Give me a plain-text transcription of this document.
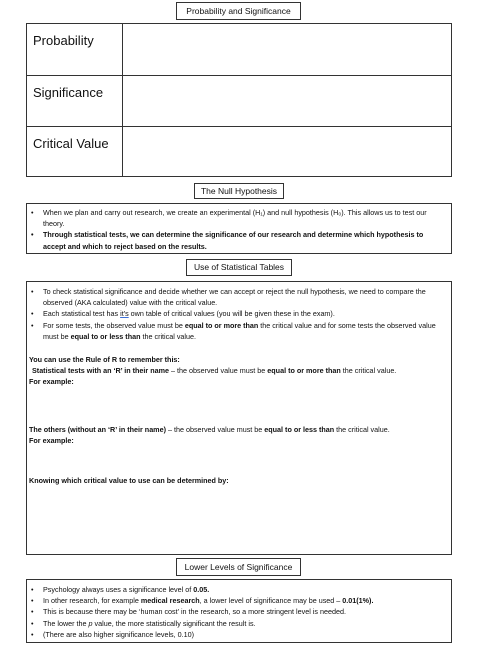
Probability and Significance
Probability
Significance
Critical Value
The Null Hypothesis
• When we plan and carry out research, we create an experimental (H₁) and null hypothesis (H₀). This allows us to test our theory.
• Through statistical tests, we can determine the significance of our research and determine which hypothesis to accept and which to reject based on the results.
Use of Statistical Tables
• To check statistical significance and decide whether we can accept or reject the null hypothesis, we need to compare the observed (AKA calculated) value with the critical value.
• Each statistical test has it's own table of critical values (you will be given these in the exam).
• For some tests, the observed value must be equal to or more than the critical value and for some tests the observed value must be equal to or less than the critical value.

You can use the Rule of R to remember this:

Statistical tests with an ‘R’ in their name – the observed value must be equal to or more than the critical value.

For example:

The others (without an ‘R’ in their name) – the observed value must be equal to or less than the critical value.

For example:

Knowing which critical value to use can be determined by:

Lower Levels of Significance
• Psychology always uses a significance level of 0.05.
• In other research, for example medical research, a lower level of significance may be used – 0.01(1%).
• This is because there may be ‘human cost’ in the research, so a more stringent level is needed.
• The lower the p value, the more statistically significant the result is.
• (There are also higher significance levels, 0.10)
